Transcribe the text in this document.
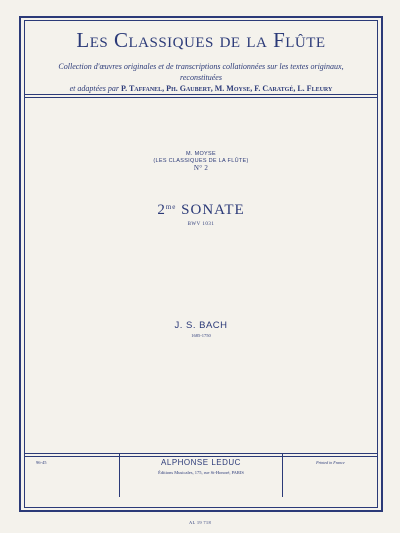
Les Classiques de la Flûte
Collection d'œuvres originales et de transcriptions collationnées sur les textes originaux, reconstituées
et adaptées par P. Taffanel, Ph. Gaubert, M. Moyse, F. Caratgé, L. Fleury
M. MOYSE
(LES CLASSIQUES DE LA FLÛTE)
N° 2
$2^{me}$ SONATE
BWV 1031
J. S. BACH
1685-1750
96-45	ALPHONSE LEDUC
Éditions Musicales, 175, rue St-Honoré, PARIS
Printed in France
AL 19 718
